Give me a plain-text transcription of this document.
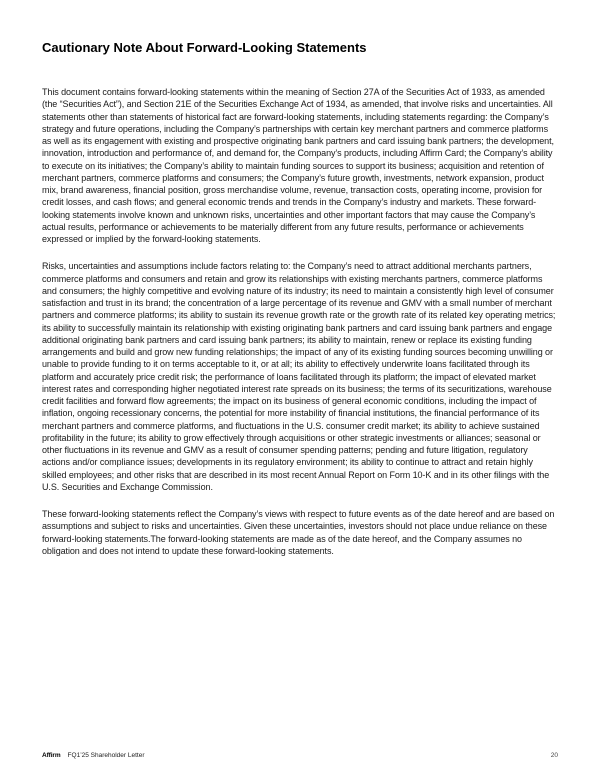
Cautionary Note About Forward-Looking Statements

This document contains forward-looking statements within the meaning of Section 27A of the Securities Act of 1933, as amended (the “Securities Act”), and Section 21E of the Securities Exchange Act of 1934, as amended, that involve risks and uncertainties. All statements other than statements of historical fact are forward-looking statements, including statements regarding: the Company’s strategy and future operations, including the Company’s partnerships with certain key merchant partners and commerce platforms as well as its engagement with existing and prospective originating bank partners and card issuing bank partners; the development, innovation, introduction and performance of, and demand for, the Company’s products, including Affirm Card; the Company’s ability to execute on its initiatives; the Company’s ability to maintain funding sources to support its business; acquisition and retention of merchant partners, commerce platforms and consumers; the Company’s future growth, investments, network expansion, product mix, brand awareness, financial position, gross merchandise volume, revenue, transaction costs, operating income, provision for credit losses, and cash flows; and general economic trends and trends in the Company’s industry and markets. These forward-looking statements involve known and unknown risks, uncertainties and other important factors that may cause the Company’s actual results, performance or achievements to be materially different from any future results, performance or achievements expressed or implied by the forward-looking statements.

Risks, uncertainties and assumptions include factors relating to: the Company’s need to attract additional merchants partners, commerce platforms and consumers and retain and grow its relationships with existing merchants partners, commerce platforms and consumers; the highly competitive and evolving nature of its industry; its need to maintain a consistently high level of consumer satisfaction and trust in its brand; the concentration of a large percentage of its revenue and GMV with a small number of merchant partners and commerce platforms; its ability to sustain its revenue growth rate or the growth rate of its related key operating metrics; its ability to successfully maintain its relationship with existing originating bank partners and card issuing bank partners and engage additional originating bank partners and card issuing bank partners; its ability to maintain, renew or replace its existing funding arrangements and build and grow new funding relationships; the impact of any of its existing funding sources becoming unwilling or unable to provide funding to it on terms acceptable to it, or at all; its ability to effectively underwrite loans facilitated through its platform and accurately price credit risk; the performance of loans facilitated through its platform; the impact of elevated market interest rates and corresponding higher negotiated interest rate spreads on its business; the terms of its securitizations, warehouse credit facilities and forward flow agreements; the impact on its business of general economic conditions, including the impact of inflation, ongoing recessionary concerns, the potential for more instability of financial institutions, the financial performance of its merchant partners and commerce platforms, and fluctuations in the U.S. consumer credit market; its ability to achieve sustained profitability in the future; its ability to grow effectively through acquisitions or other strategic investments or alliances; seasonal or other fluctuations in its revenue and GMV as a result of consumer spending patterns; pending and future litigation, regulatory actions and/or compliance issues; developments in its regulatory environment; its ability to continue to attract and retain highly skilled employees; and other risks that are described in its most recent Annual Report on Form 10-K and in its other filings with the U.S. Securities and Exchange Commission.

These forward-looking statements reflect the Company’s views with respect to future events as of the date hereof and are based on assumptions and subject to risks and uncertainties. Given these uncertainties, investors should not place undue reliance on these forward-looking statements.The forward-looking statements are made as of the date hereof, and the Company assumes no obligation and does not intend to update these forward-looking statements.

Affirm FQ1’25 Shareholder Letter	20
